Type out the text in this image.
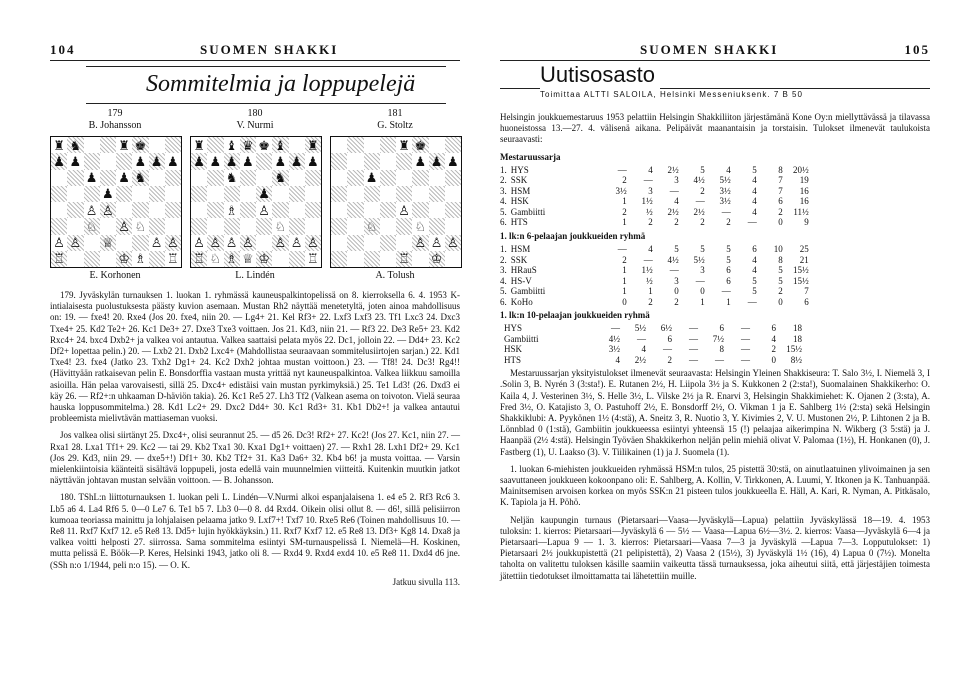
104	SUOMEN SHAKKI
Sommitelmia ja loppupelejä
179
B. Johansson
180
V. Nurmi
181
G. Stoltz
♜ ♞	♜ ♚
♟ ♟	♟ ♟ ♟
♟ ♟ ♞
♟
♙ ♙
♘ ♙ ♘
♙ ♙ ♕	♙ ♙
♖	♔ ♗ ♖
♜ ♝ ♛ ♚ ♝ ♜
♟ ♟ ♟ ♟ ♟ ♟ ♟
♞	♞
♟
♗ ♙
♘
♙ ♙ ♙ ♙ ♙ ♙ ♙
♖ ♘ ♗ ♕ ♔	♖
♜ ♚
♟ ♟ ♟
♟
♙
♘	♘
♙ ♙ ♙
♖ ♔
E. Korhonen	L. Lindén	A. Tolush

179. Jyväskylän turnauksen 1. luokan 1. ryhmässä kauneuspalkintopelissä on 8. kierroksella 6. 4. 1953 K-intialaisesta puolustuksesta päästy kuvion asemaan. Mustan Rh2 näyttää menetetyltä, joten ainoa mahdollisuus on: 19. — fxe4! 20. Rxe4 (Jos 20. fxe4, niin 20. — Lg4+ 21. Kel Rf3+ 22. Lxf3 Lxf3 23. Tf1 Lxc3 24. Dxc3 Txe4+ 25. Kd2 Te2+ 26. Kc1 De3+ 27. Dxe3 Txe3 voittaen. Jos 21. Kd3, niin 21. — Rf3 22. De3 Re5+ 23. Kd2 Rxc4+ 24. bxc4 Dxb2+ ja valkea voi antautua. Valkea saattaisi pelata myös 22. Dc1, jolloin 22. — Dd4+ 23. Kc2 Df2+ lopettaa pelin.) 20. — Lxb2 21. Dxb2 Lxc4+ (Mahdollistaa seuraavaan sommitelusiirtojen sarjan.) 22. Kd1 Txe4! 23. fxe4 (Jatko 23. Txh2 Dg1+ 24. Kc2 Dxh2 johtaa mustan voittoon.) 23. — Tf8! 24. Dc3! Rg4!! (Hävittyään ratkaisevan pelin E. Bonsdorffia vastaan musta yrittää nyt kauneuspalkintoa. Valkea liikkuu samoilla asioilla. Hän pelaa varovaisesti, sillä 25. Dxc4+ edistäisi vain mustan pyrkimyksiä.) 25. Te1 Ld3! (26. Dxd3 ei käy 26. — Rf2+:n uhkaaman D-häviön takia). 26. Kc1 Re5 27. Lh3 Tf2 (Valkean asema on toivoton. Vielä seuraa hauska loppusommitelma.) 28. Kd1 Lc2+ 29. Dxc2 Dd4+ 30. Kc1 Rd3+ 31. Kb1 Db2+! ja valkea antautui probleemista mielivtävän mattiaseman vuoksi.

Jos valkea olisi siirtänyt 25. Dxc4+, olisi seurannut 25. — d5 26. Dc3! Rf2+ 27. Kc2! (Jos 27. Kc1, niin 27. — Rxa1 28. Lxa1 Tf1+ 29. Kc2 — tai 29. Kb2 Txa1 30. Kxa1 Dg1+ voittaen) 27. — Rxh1 28. Lxh1 Df2+ 29. Kc1 (Jos 29. Kd3, niin 29. — dxe5+!) Df1+ 30. Kb2 Tf2+ 31. Ka3 Da6+ 32. Kb4 b6! ja musta voittaa. — Varsin mielenkiintoisia käänteitä sisältävä loppupeli, josta edellä vain muunnelmien viitteitä. Kuitenkin muutkin jatkot näyttävän johtavan mustan selvään voittoon. — B. Johansson.

180. TShL:n liittoturnauksen 1. luokan peli L. Lindén—V.Nurmi alkoi espanjalaisena 1. e4 e5 2. Rf3 Rc6 3. Lb5 a6 4. La4 Rf6 5. 0—0 Le7 6. Te1 b5 7. Lb3 0—0 8. d4 Rxd4. Oikein olisi ollut 8. — d6!, sillä pelisiirron kumoaa teoriassa mainittu ja lohjalaisen pelaama jatko 9. Lxf7+! Txf7 10. Rxe5 Re6 (Toinen mahdollisuus 10. — Re8 11. Rxf7 Kxf7 12. e5 Re8 13. Dd5+ lujin hyökkäyksin.) 11. Rxf7 Kxf7 12. e5 Re8 13. Df3+ Kg8 14. Dxa8 ja valkea voitti helposti 27. siirrossa. Sama sommitelma esiintyi SM-turnauspelissä I. Niemelä—H. Koskinen, mutta pelissä E. Böök—P. Keres, Helsinki 1943, jatko oli 8. — Rxd4 9. Rxd4 exd4 10. e5 Re8 11. Dxd4 d6 jne. (SSh n:o 1/1944, peli n:o 15). — O. K.

Jatkuu sivulla 113.

SUOMEN SHAKKI	105
Uutisosasto
Toimittaa ALTTI SALOILA, Helsinki Messeniuksenk. 7 B 50

Helsingin joukkuemestaruus 1953 pelattiin Helsingin Shakkiliiton järjestämänä Kone Oy:n miellyttävässä ja tilavassa huoneistossa 13.—27. 4. välisenä aikana. Pelipäivät maanantaisin ja torstaisin. Tulokset ilmenevät taulukoista seuraavasti:

Mestaruussarja
1.	HYS	—	4	2½	5	4	5	8	20½
2.	SSK	2	—	3	4½	5½	4	7	19
3.	HSM	3½	3	—	2	3½	4	7	16
4.	HSK	1	1½	4	—	3½	4	6	16
5.	Gambiitti	2	½	2½	2½	—	4	2	11½
6.	HTS	1	2	2	2	2	—	0	9
1. lk:n 6-pelaajan joukkueiden ryhmä
1.	HSM	—	4	5	5	5	6	10	25
2.	SSK	2	—	4½	5½	5	4	8	21
3.	HRauS	1	1½	—	3	6	4	5	15½
4.	HS-V	1	½	3	—	6	5	5	15½
5.	Gambiitti	1	1	0	0	—	5	2	7
6.	KoHo	0	2	2	1	1	—	0	6
1. lk:n 10-pelaajan joukkueiden ryhmä
	HYS	—	5½	6½	—	6	—	6	18
	Gambiitti	4½	—	6	—	7½	—	4	18
	HSK	3½	4	—	—	8	—	2	15½
	HTS	4	2½	2	—	—	—	0	8½

Mestaruussarjan yksityistulokset ilmenevät seuraavasta: Helsingin Yleinen Shakkiseura: T. Salo 3½, I. Niemelä 3, I .Solin 3, B. Nyrén 3 (3:sta!). E. Rutanen 2½, H. Liipola 3½ ja S. Kukkonen 2 (2:sta!), Suomalainen Shakkikerho: O. Kaila 4, J. Vesterinen 3½, S. Helle 3½, L. Vilske 2½ ja R. Enarvi 3, Helsingin Shakkimiehet: K. Ojanen 2 (3:sta), A. Fred 3½, O. Katajisto 3, O. Pastuhoff 2½, E. Bonsdorff 2½, O. Vikman 1 ja E. Sahlberg 1½ (2:sta) sekä Helsingin Shakkiklubi: A. Pyykönen 1½ (4:stä), A. Sneitz 3, R. Nuotio 3, Y. Kivimies 2, V. U. Mustonen 2½, P. Lihtonen 2 ja B. Lönnblad 0 (1:stä), Gambiitin joukkueessa esiintyi yhteensä 15 (!) pelaajaa aikerimpina N. Wikberg (3 5:stä) ja J. Haanpää (2½ 4:stä). Helsingin Työväen Shakkikerhon neljän pelin miehiä olivat V. Palomaa (1½), H. Honkanen (0), J. Fastberg (1), U. Laakso (3). V. Tiilikainen (1) ja J. Suomela (1).

1. luokan 6-miehisten joukkueiden ryhmässä HSM:n tulos, 25 pistettä 30:stä, on ainutlaatuinen ylivoimainen ja sen saavuttaneen joukkueen kokoonpano oli: E. Sahlberg, A. Kollin, V. Tirkkonen, A. Luumi, Y. Itkonen ja K. Tanhuanpää. Mainitsemisen arvoisen korkea on myös SSK:n 21 pisteen tulos joukkueella E. Häll, A. Kari, R. Nyman, A. Pitkäsalo, K. Tapiola ja H. Pöhö.

Neljän kaupungin turnaus (Pietarsaari—Vaasa—Jyväskylä—Lapua) pelattiin Jyväskylässä 18—19. 4. 1953 tuloksin: 1. kierros: Pietarsaari—Jyväskylä 6 — 5½ — Vaasa—Lapua 6½—3½. 2. kierros: Vaasa—Jyväskylä 6—4 ja Pietarsaari—Lapua 9 — 1. 3. kierros: Pietarsaari—Vaasa 7—3 ja Jyväskylä —Lapua 7—3. Lopputulokset: 1) Pietarsaari 2½ joukkupistettä (21 pelipistettä), 2) Vaasa 2 (15½), 3) Jyväskylä 1½ (16), 4) Lapua 0 (7½). Monelta taholta on valitettu tuloksen käsille saamiin vaikeutta tässä turnauksessa, joka aiheutui siitä, että järjestäjien toimesta jätettiin tiedotukset ilmoittamatta tai lähetettiin muille.
